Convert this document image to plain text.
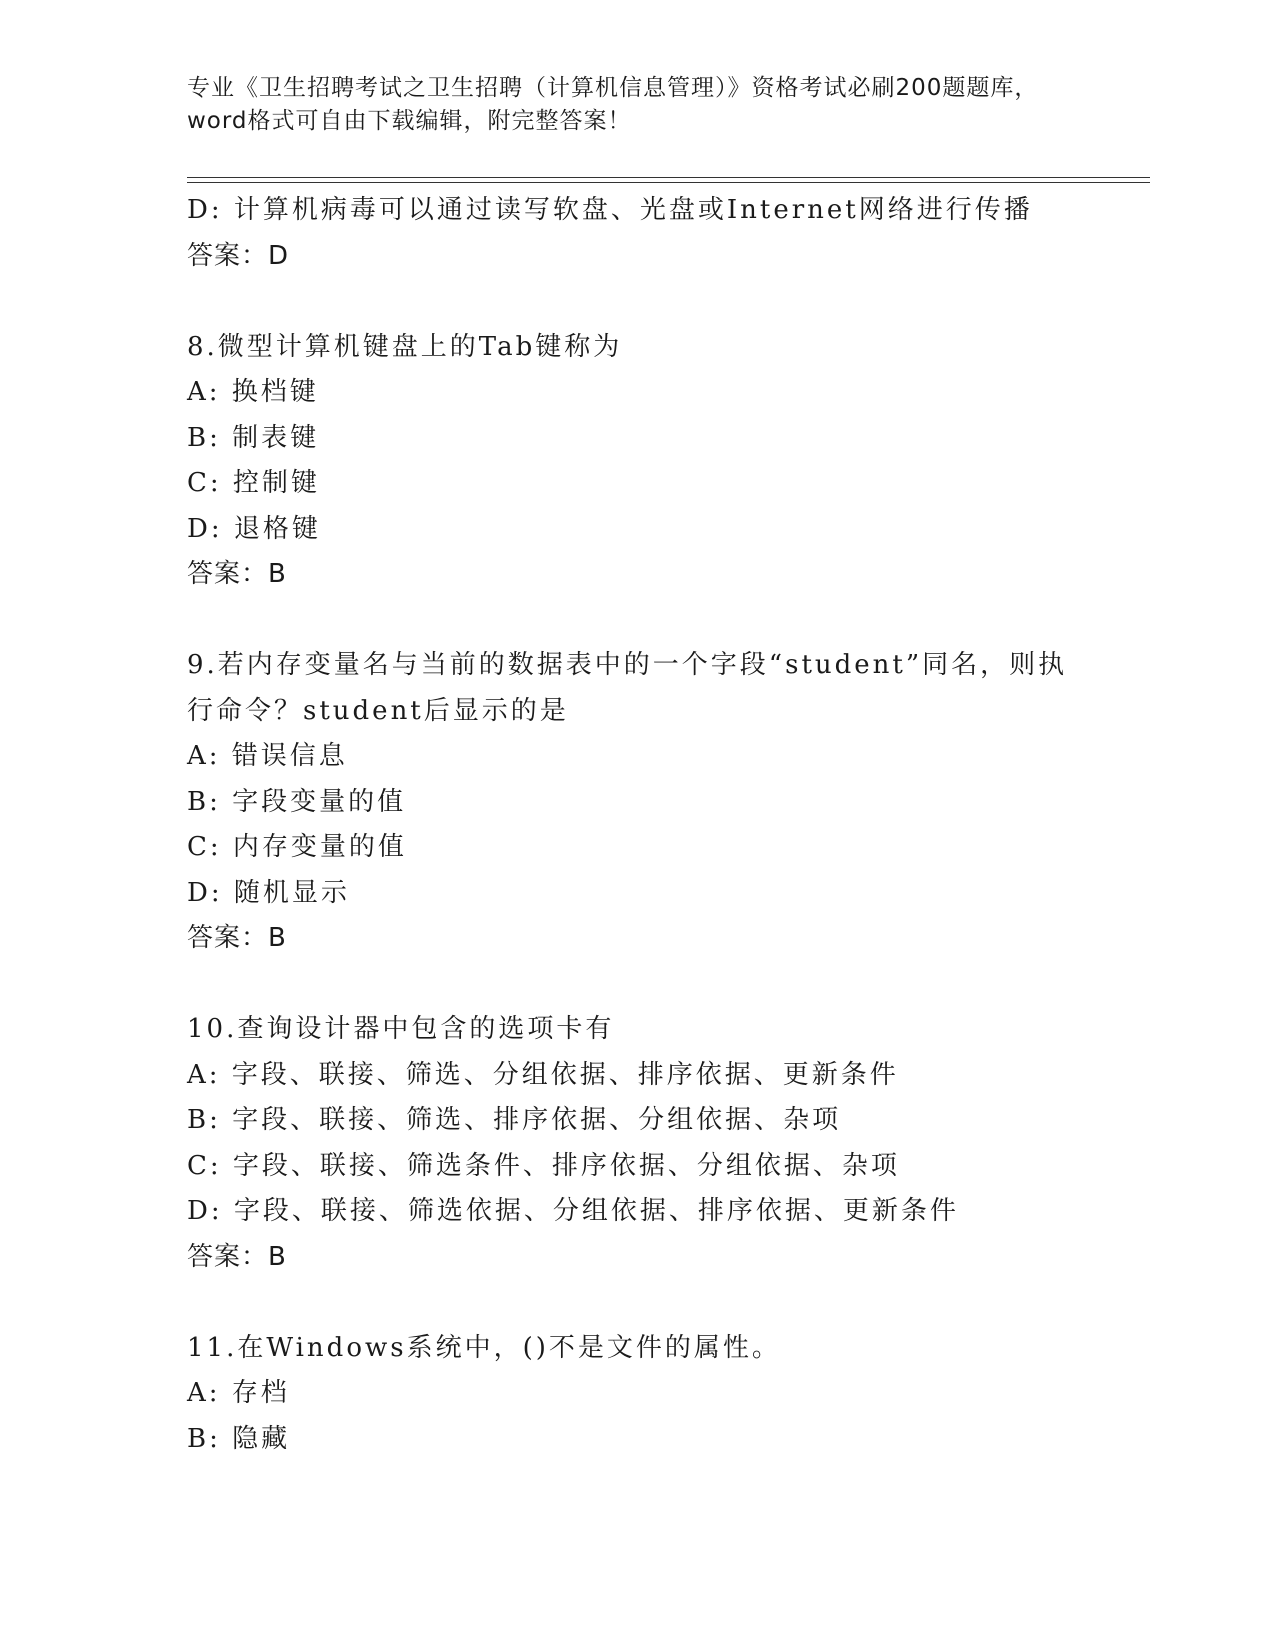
专业《卫生招聘考试之卫生招聘（计算机信息管理）》资格考试必刷200题题库，
word格式可自由下载编辑，附完整答案！
D: 计算机病毒可以通过读写软盘、光盘或Internet网络进行传播
答案：D
8.微型计算机键盘上的Tab键称为
A: 换档键
B: 制表键
C: 控制键
D: 退格键
答案：B
9.若内存变量名与当前的数据表中的一个字段“student”同名，则执
行命令？student后显示的是
A: 错误信息
B: 字段变量的值
C: 内存变量的值
D: 随机显示
答案：B
10.查询设计器中包含的选项卡有
A: 字段、联接、筛选、分组依据、排序依据、更新条件
B: 字段、联接、筛选、排序依据、分组依据、杂项
C: 字段、联接、筛选条件、排序依据、分组依据、杂项
D: 字段、联接、筛选依据、分组依据、排序依据、更新条件
答案：B
11.在Windows系统中，()不是文件的属性。
A: 存档
B: 隐藏
